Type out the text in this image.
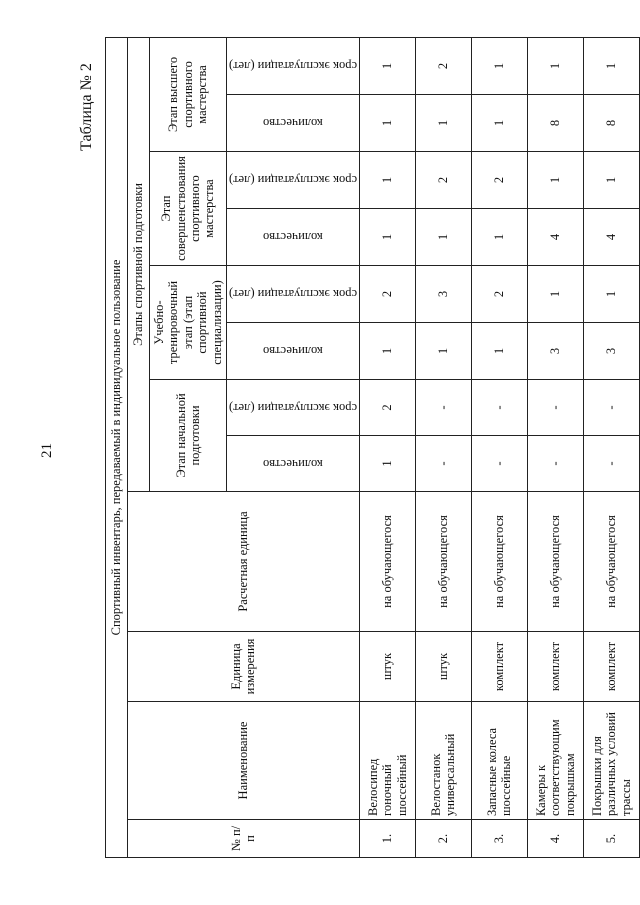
21
Таблица № 2
Спортивный инвентарь, передаваемый в индивидуальное пользование											
№ п/п	Наименование	Единица измерения	Расчетная единица	Этапы спортивной подготовки							
				Этап начальной подготовки		Учебно-тренировочный этап (этап спортивной специализации)		Этап совершенствования спортивного мастерства		Этап высшего спортивного мастерства	

				количество	срок эксплуатации (лет)	количество	срок эксплуатации (лет)	количество	срок эксплуатации (лет)	количество	срок эксплуатации (лет)

1.	Велосипед гоночный шоссейный	штук	на обучающегося	1	2	1	2	1	1	1	1
2.	Велостанок универсальный	штук	на обучающегося	-	-	1	3	1	2	1	2
3.	Запасные колеса шоссейные	комплект	на обучающегося	-	-	1	2	1	2	1	1
4.	Камеры к соответствующим покрышкам	комплект	на обучающегося	-	-	3	1	4	1	8	1
5.	Покрышки для различных условий трассы	комплект	на обучающегося	-	-	3	1	4	1	8	1
